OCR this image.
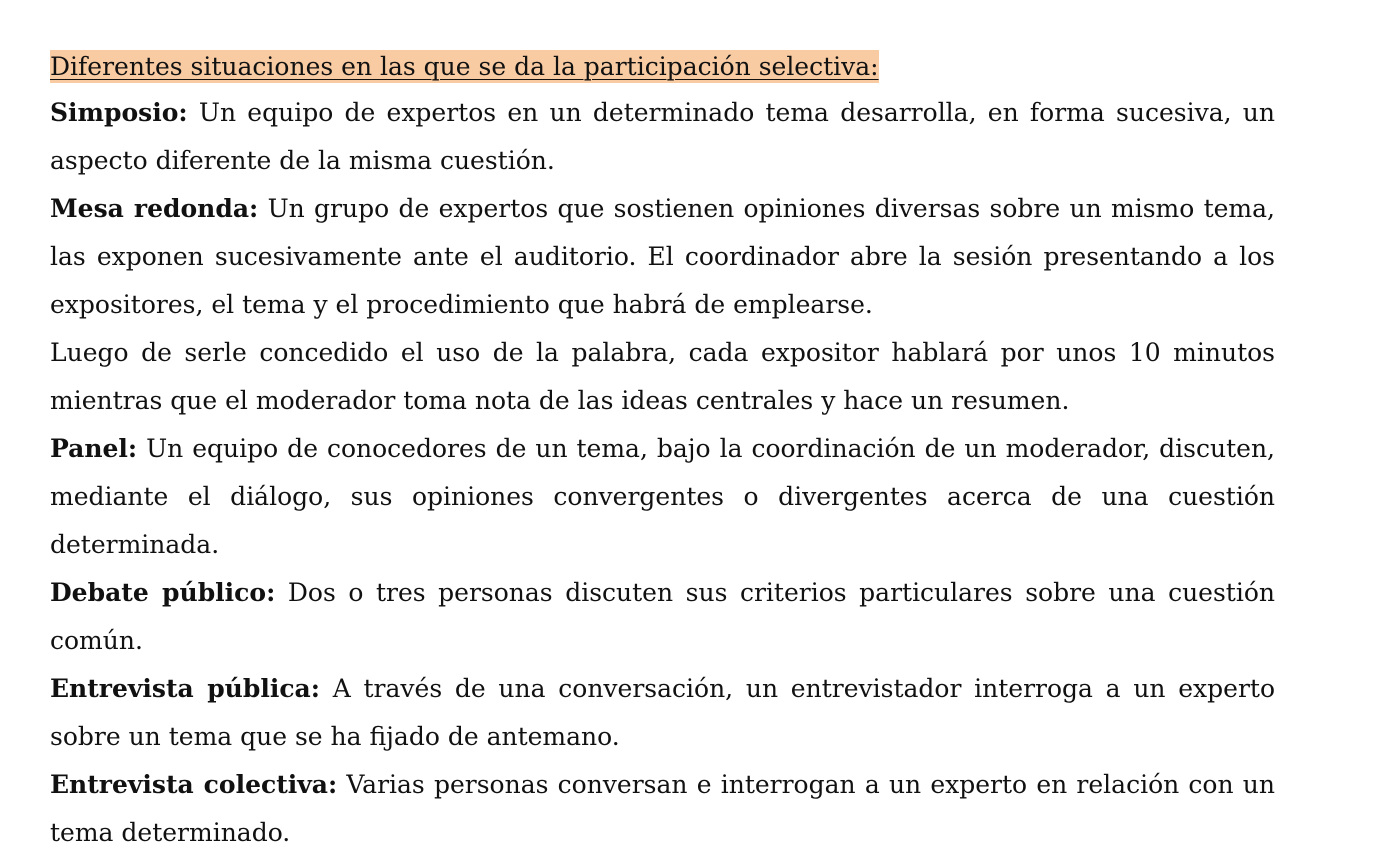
Diferentes situaciones en las que se da la participación selectiva:

Simposio: Un equipo de expertos en un determinado tema desarrolla, en forma sucesiva, un aspecto diferente de la misma cuestión.

Mesa redonda: Un grupo de expertos que sostienen opiniones diversas sobre un mismo tema, las exponen sucesivamente ante el auditorio. El coordinador abre la sesión presentando a los expositores, el tema y el procedimiento que habrá de emplearse.

Luego de serle concedido el uso de la palabra, cada expositor hablará por unos 10 minutos mientras que el moderador toma nota de las ideas centrales y hace un resumen.

Panel: Un equipo de conocedores de un tema, bajo la coordinación de un moderador, discuten, mediante el diálogo, sus opiniones convergentes o divergentes acerca de una cuestión determinada.

Debate público: Dos o tres personas discuten sus criterios particulares sobre una cuestión común.

Entrevista pública: A través de una conversación, un entrevistador interroga a un experto sobre un tema que se ha fijado de antemano.

Entrevista colectiva: Varias personas conversan e interrogan a un experto en relación con un tema determinado.
